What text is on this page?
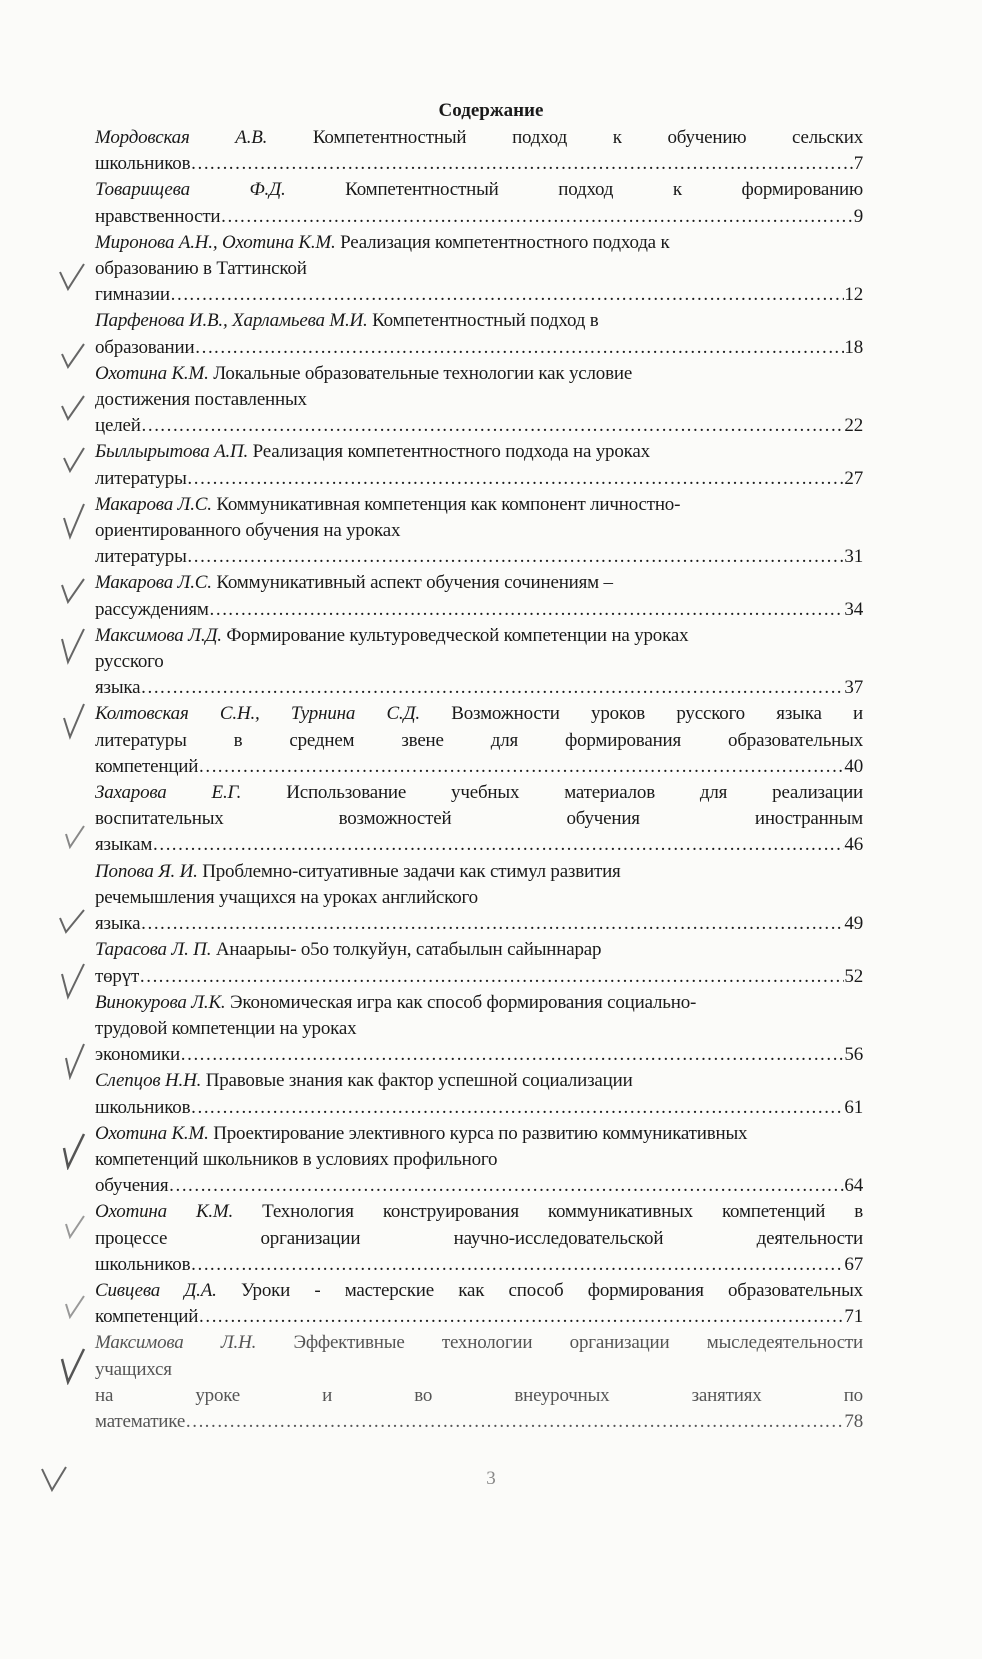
Содержание
Мордовская А.В. Компетентностный подход к обучению сельских
школьников ……………………………………………………………………………………………………………………………………………………………………………………	7
Товарищева Ф.Д.	Компетентностный подход к формированию
нравственности ……………………………………………………………………………………………………………………………………………………………………………………	9
Миронова А.Н., Охотина К.М. Реализация компетентностного подхода к
образованию в Таттинской
гимназии ……………………………………………………………………………………………………………………………………………………………………………………	12
Парфенова И.В., Харламьева М.И. Компетентностный подход в
образовании ……………………………………………………………………………………………………………………………………………………………………………………	18
Охотина К.М. Локальные образовательные технологии как условие
достижения поставленных
целей ……………………………………………………………………………………………………………………………………………………………………………………	22
Быллырытова А.П. Реализация компетентностного подхода на уроках
литературы ……………………………………………………………………………………………………………………………………………………………………………………	27
Макарова Л.С. Коммуникативная компетенция как компонент личностно-
ориентированного обучения на уроках
литературы ……………………………………………………………………………………………………………………………………………………………………………………	31
Макарова Л.С. Коммуникативный аспект обучения сочинениям –
рассуждениям ……………………………………………………………………………………………………………………………………………………………………………………	34
Максимова Л.Д. Формирование культуроведческой компетенции на уроках
русского
языка ……………………………………………………………………………………………………………………………………………………………………………………	37
Колтовская С.Н., Турнина С.Д. Возможности уроков русского языка и
литературы в среднем звене для формирования образовательных
компетенций ……………………………………………………………………………………………………………………………………………………………………………………	40
Захарова Е.Г. Использование учебных материалов для реализации
воспитательных возможностей обучения иностранным
языкам ……………………………………………………………………………………………………………………………………………………………………………………	46
Попова Я. И. Проблемно-ситуативные задачи как стимул развития
речемышления учащихся на уроках английского
языка ……………………………………………………………………………………………………………………………………………………………………………………	49
Тарасова Л. П. Анаарыы- о5о толкуйун, сатабылын сайыннарар
төрүт ……………………………………………………………………………………………………………………………………………………………………………………	52
Винокурова Л.К. Экономическая игра как способ формирования социально-
трудовой компетенции на уроках
экономики ……………………………………………………………………………………………………………………………………………………………………………………	56
Слепцов Н.Н. Правовые знания как фактор успешной социализации
школьников ……………………………………………………………………………………………………………………………………………………………………………………	61
Охотина К.М. Проектирование элективного курса по развитию коммуникативных
компетенций школьников в условиях профильного
обучения ……………………………………………………………………………………………………………………………………………………………………………………	64
Охотина К.М. Технология конструирования коммуникативных компетенций в
процессе организации научно-исследовательской деятельности
школьников ……………………………………………………………………………………………………………………………………………………………………………………	67
Сивцева Д.А. Уроки - мастерские как способ формирования образовательных
компетенций ……………………………………………………………………………………………………………………………………………………………………………………	71
Максимова Л.Н. Эффективные технологии организации мыследеятельности
учащихся
на уроке и во внеурочных занятиях по
математике ……………………………………………………………………………………………………………………………………………………………………………………	78
3
